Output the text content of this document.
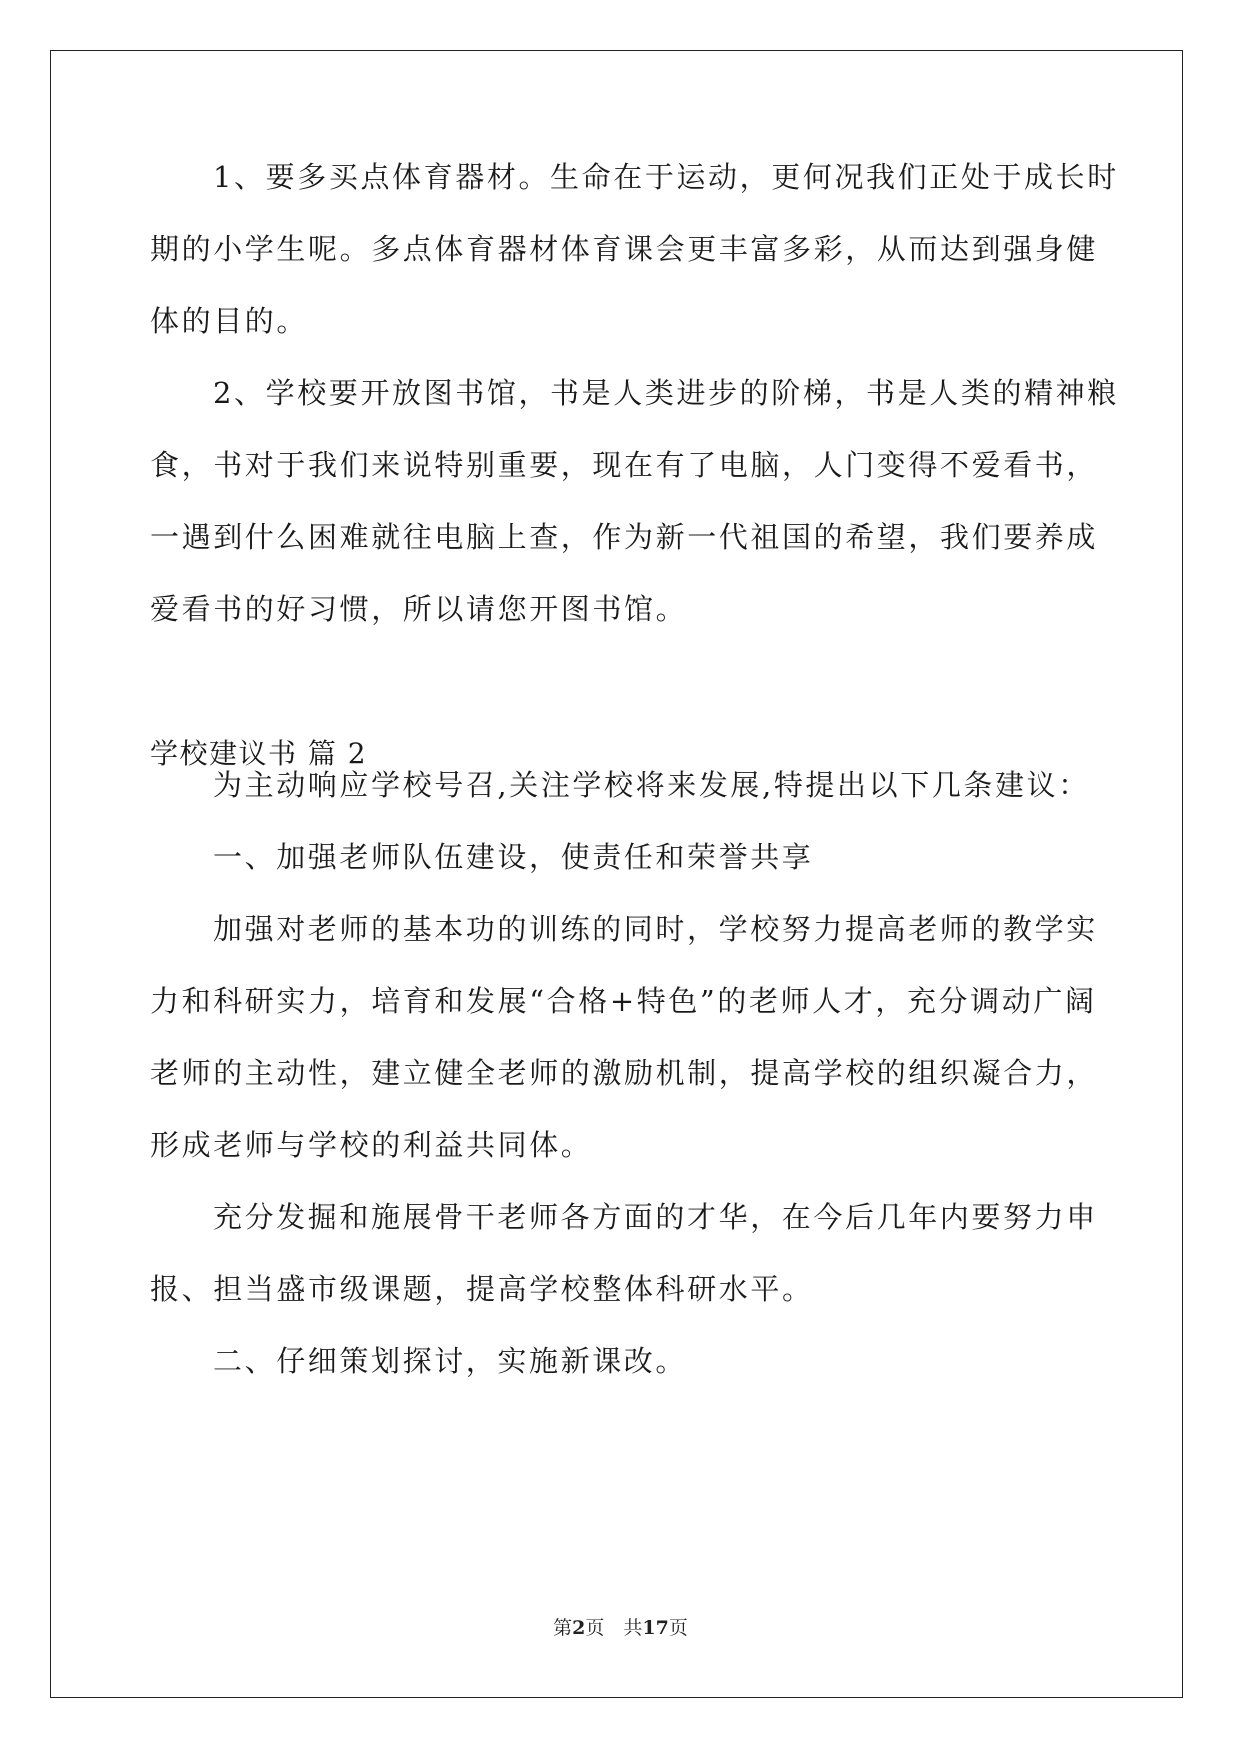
1、要多买点体育器材。生命在于运动，更何况我们正处于成长时
期的小学生呢。多点体育器材体育课会更丰富多彩，从而达到强身健
体的目的。
2、学校要开放图书馆，书是人类进步的阶梯，书是人类的精神粮
食，书对于我们来说特别重要，现在有了电脑，人门变得不爱看书，
一遇到什么困难就往电脑上查，作为新一代祖国的希望，我们要养成
爱看书的好习惯，所以请您开图书馆。
学校建议书 篇 2
为主动响应学校号召,关注学校将来发展,特提出以下几条建议：
一、加强老师队伍建设，使责任和荣誉共享
加强对老师的基本功的训练的同时，学校努力提高老师的教学实
力和科研实力，培育和发展“合格+特色”的老师人才，充分调动广阔
老师的主动性，建立健全老师的激励机制，提高学校的组织凝合力，
形成老师与学校的利益共同体。
充分发掘和施展骨干老师各方面的才华，在今后几年内要努力申
报、担当盛市级课题，提高学校整体科研水平。
二、仔细策划探讨，实施新课改。
第2页　共17页
